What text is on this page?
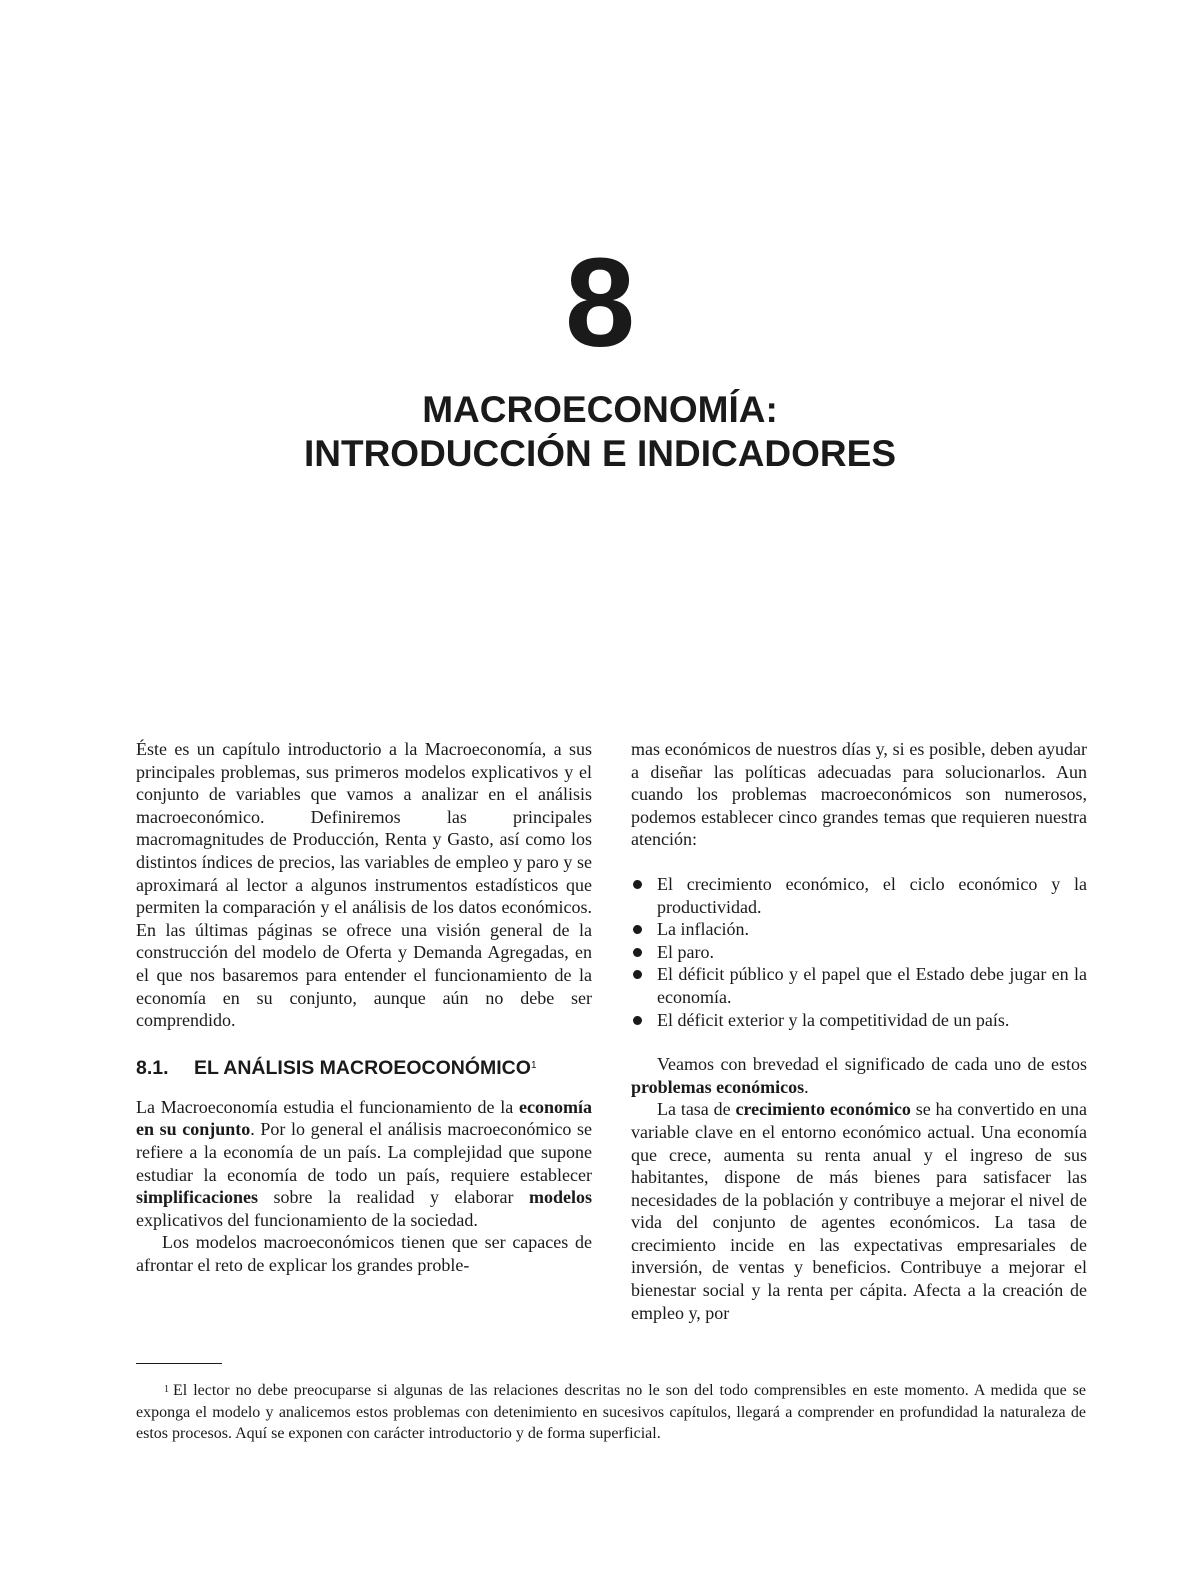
8
MACROECONOMÍA:
INTRODUCCIÓN E INDICADORES

Éste es un capítulo introductorio a la Macroeconomía, a sus principales problemas, sus primeros modelos explicativos y el conjunto de variables que vamos a analizar en el análisis macroeconómico. Definiremos las principales macromagnitudes de Producción, Renta y Gasto, así como los distintos índices de precios, las variables de empleo y paro y se aproximará al lector a algunos instrumentos estadísticos que permiten la comparación y el análisis de los datos económicos. En las últimas páginas se ofrece una visión general de la construcción del modelo de Oferta y Demanda Agregadas, en el que nos basaremos para entender el funcionamiento de la economía en su conjunto, aunque aún no debe ser comprendido.

8.1. EL ANÁLISIS MACROEOCONÓMICO$^1$

La Macroeconomía estudia el funcionamiento de la economía en su conjunto. Por lo general el análisis macroeconómico se refiere a la economía de un país. La complejidad que supone estudiar la economía de todo un país, requiere establecer simplificaciones sobre la realidad y elaborar modelos explicativos del funcionamiento de la sociedad.

Los modelos macroeconómicos tienen que ser capaces de afrontar el reto de explicar los grandes proble-

mas económicos de nuestros días y, si es posible, deben ayudar a diseñar las políticas adecuadas para solucionarlos. Aun cuando los problemas macroeconómicos son numerosos, podemos establecer cinco grandes temas que requieren nuestra atención:

El crecimiento económico, el ciclo económico y la productividad.
La inflación.
El paro.
El déficit público y el papel que el Estado debe jugar en la economía.
El déficit exterior y la competitividad de un país.

Veamos con brevedad el significado de cada uno de estos problemas económicos.

La tasa de crecimiento económico se ha convertido en una variable clave en el entorno económico actual. Una economía que crece, aumenta su renta anual y el ingreso de sus habitantes, dispone de más bienes para satisfacer las necesidades de la población y contribuye a mejorar el nivel de vida del conjunto de agentes económicos. La tasa de crecimiento incide en las expectativas empresariales de inversión, de ventas y beneficios. Contribuye a mejorar el bienestar social y la renta per cápita. Afecta a la creación de empleo y, por

$^1$ El lector no debe preocuparse si algunas de las relaciones descritas no le son del todo comprensibles en este momento. A medida que se exponga el modelo y analicemos estos problemas con detenimiento en sucesivos capítulos, llegará a comprender en profundidad la naturaleza de estos procesos. Aquí se exponen con carácter introductorio y de forma superficial.
